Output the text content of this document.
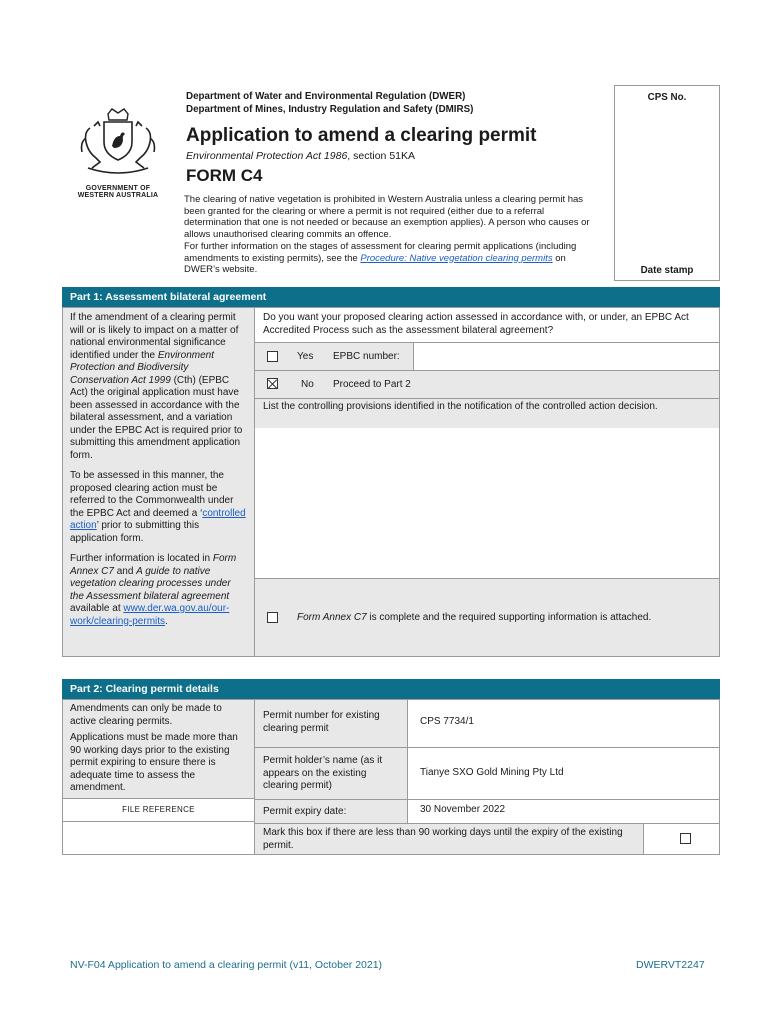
GOVERNMENT OF
WESTERN AUSTRALIA
Department of Water and Environmental Regulation (DWER)
Department of Mines, Industry Regulation and Safety (DMIRS)
Application to amend a clearing permit
Environmental Protection Act 1986, section 51KA
FORM C4
The clearing of native vegetation is prohibited in Western Australia unless a clearing permit has been granted for the clearing or where a permit is not required (either due to a referral determination that one is not needed or because an exemption applies). A person who causes or allows unauthorised clearing commits an offence.
For further information on the stages of assessment for clearing permit applications (including amendments to existing permits), see the Procedure: Native vegetation clearing permits on DWER’s website.
CPS No.
Date stamp
Part 1: Assessment bilateral agreement

If the amendment of a clearing permit will or is likely to impact on a matter of national environmental significance identified under the Environment Protection and Biodiversity Conservation Act 1999 (Cth) (EPBC Act) the original application must have been assessed in accordance with the bilateral assessment, and a variation under the EPBC Act is required prior to submitting this amendment application form.

To be assessed in this manner, the proposed clearing action must be referred to the Commonwealth under the EPBC Act and deemed a ‘controlled action’ prior to submitting this application form.

Further information is located in Form Annex C7 and A guide to native vegetation clearing processes under the Assessment bilateral agreement available at www.der.wa.gov.au/our-work/clearing-permits.

Do you want your proposed clearing action assessed in accordance with, or under, an EPBC Act Accredited Process such as the assessment bilateral agreement?
Yes EPBC number:
No Proceed to Part 2
List the controlling provisions identified in the notification of the controlled action decision.
Form Annex C7 is complete and the required supporting information is attached.
Part 2: Clearing permit details

Amendments can only be made to active clearing permits.

Applications must be made more than 90 working days prior to the existing permit expiring to ensure there is adequate time to assess the amendment.

FILE REFERENCE
Permit number for existing clearing permit
CPS 7734/1
Permit holder’s name (as it appears on the existing clearing permit)
Tianye SXO Gold Mining Pty Ltd
Permit expiry date:	30 November 2022
Mark this box if there are less than 90 working days until the expiry of the existing permit.
NV-F04 Application to amend a clearing permit (v11, October 2021)	DWERVT2247
